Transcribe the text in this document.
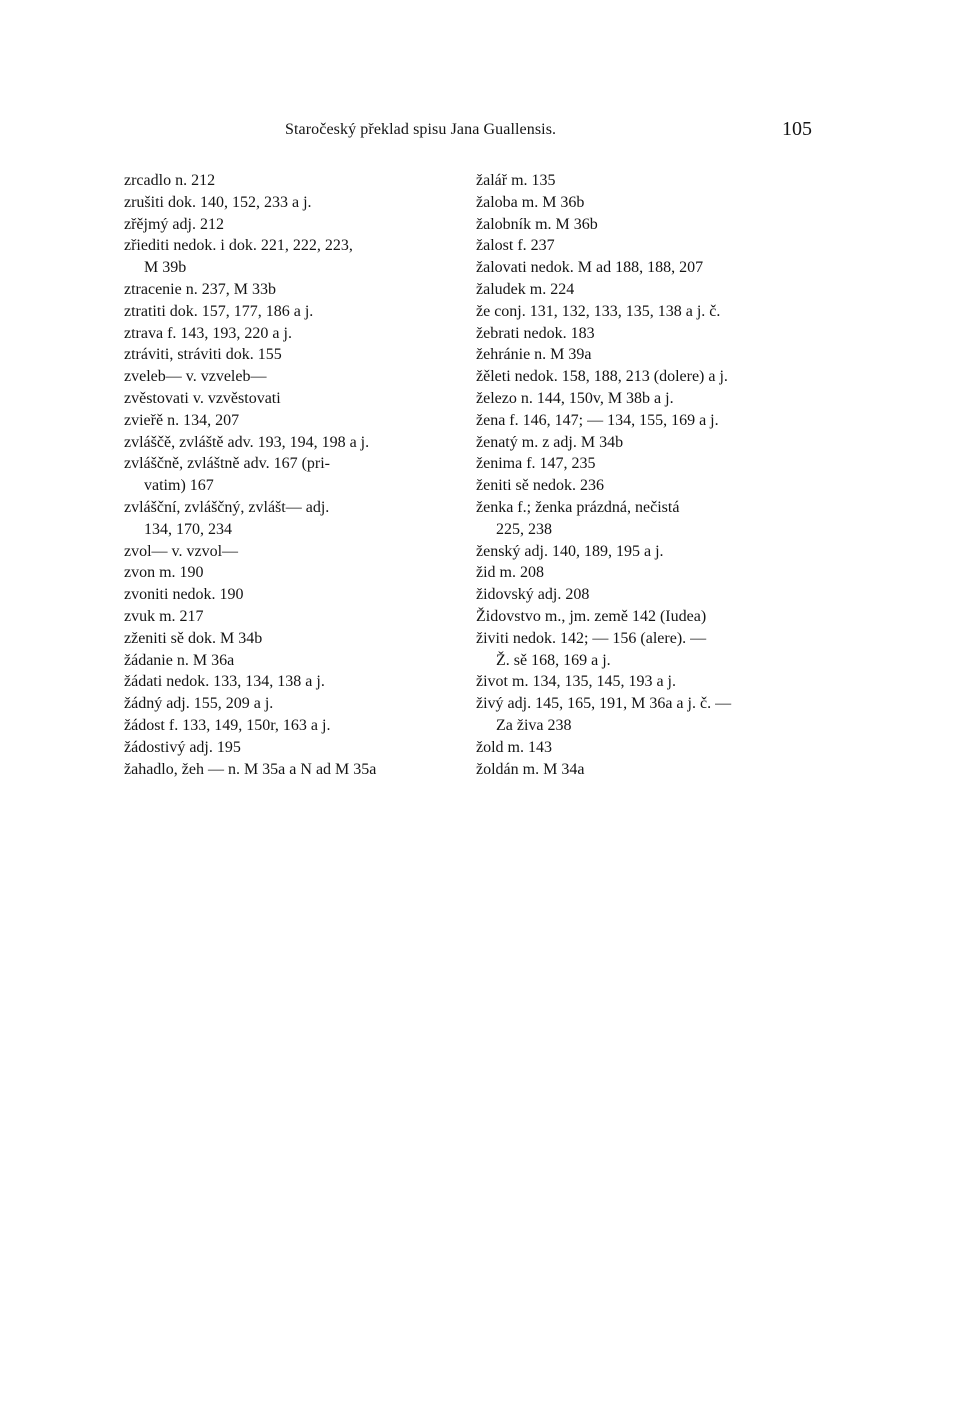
Staročeský překlad spisu Jana Guallensis.	105
zrcadlo n. 212
zrušiti dok. 140, 152, 233 a j.
zřějmý adj. 212
zřiediti nedok. i dok. 221, 222, 223,
M 39b
ztracenie n. 237, M 33b
ztratiti dok. 157, 177, 186 a j.
ztrava f. 143, 193, 220 a j.
ztráviti, stráviti dok. 155
zveleb— v. vzveleb—
zvěstovati v. vzvěstovati
zvieřě n. 134, 207
zvláščě, zvláště adv. 193, 194, 198 a j.
zvláščně, zvláštně adv. 167 (pri-
vatim) 167
zvlášční, zvláščný, zvlášt— adj.
134, 170, 234
zvol— v. vzvol—
zvon m. 190
zvoniti nedok. 190
zvuk m. 217
zženiti sě dok. M 34b
žádanie n. M 36a
žádati nedok. 133, 134, 138 a j.
žádný adj. 155, 209 a j.
žádost f. 133, 149, 150r, 163 a j.
žádostivý adj. 195
žahadlo, žeh — n. M 35a a N ad M 35a
žalář m. 135
žaloba m. M 36b
žalobník m. M 36b
žalost f. 237
žalovati nedok. M ad 188, 188, 207
žaludek m. 224
že conj. 131, 132, 133, 135, 138 a j. č.
žebrati nedok. 183
žehránie n. M 39a
žěleti nedok. 158, 188, 213 (dolere) a j.
železo n. 144, 150v, M 38b a j.
žena f. 146, 147; — 134, 155, 169 a j.
ženatý m. z adj. M 34b
ženima f. 147, 235
ženiti sě nedok. 236
ženka f.; ženka prázdná, nečistá
225, 238
ženský adj. 140, 189, 195 a j.
žid m. 208
židovský adj. 208
Židovstvo m., jm. země 142 (Iudea)
živiti nedok. 142; — 156 (alere). —
Ž. sě 168, 169 a j.
život m. 134, 135, 145, 193 a j.
živý adj. 145, 165, 191, M 36a a j. č. —
Za živa 238
žold m. 143
žoldán m. M 34a
